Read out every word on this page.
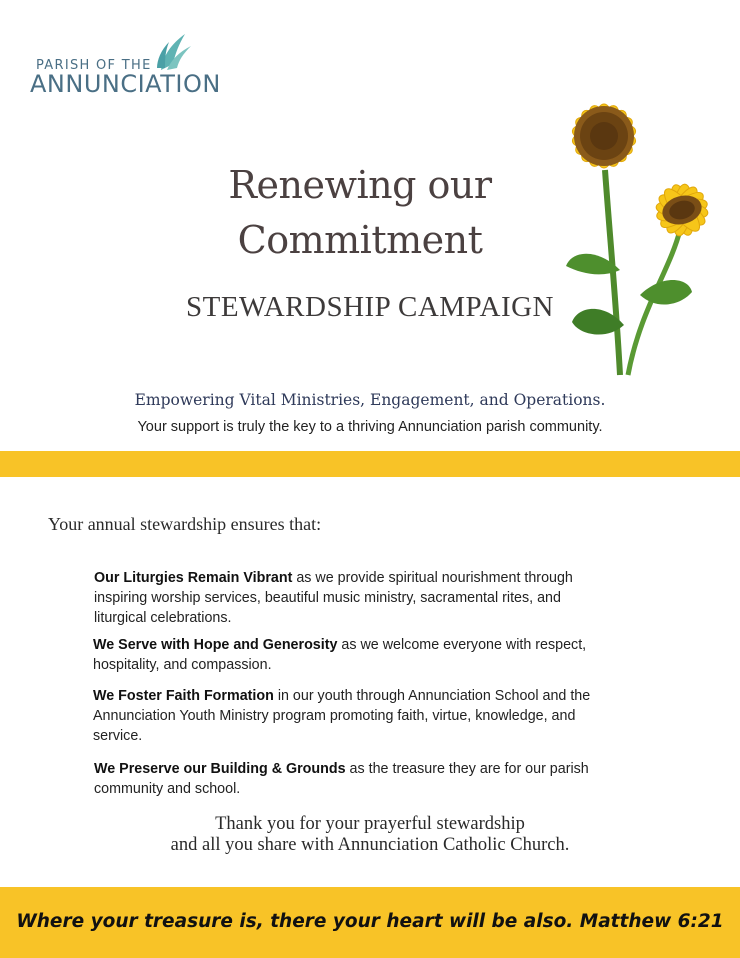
PARISH OF THE
ANNUNCIATION
Renewing our
Commitment
STEWARDSHIP CAMPAIGN
Empowering Vital Ministries, Engagement, and Operations.
Your support is truly the key to a thriving Annunciation parish community.
Your annual stewardship ensures that:
Our Liturgies Remain Vibrant as we provide spiritual nourishment through
inspiring worship services, beautiful music ministry, sacramental rites, and
liturgical celebrations.
We Serve with Hope and Generosity as we welcome everyone with respect,
hospitality, and compassion.
We Foster Faith Formation in our youth through Annunciation School and the
Annunciation Youth Ministry program promoting faith, virtue, knowledge, and
service.
We Preserve our Building & Grounds as the treasure they are for our parish
community and school.
Thank you for your prayerful stewardship
and all you share with Annunciation Catholic Church.
Where your treasure is, there your heart will be also. Matthew 6:21
